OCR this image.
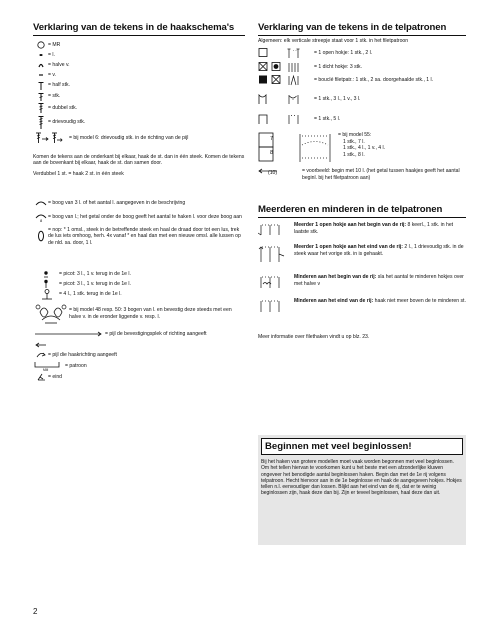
Verklaring van de tekens in de haakschema's
= MR
= l.
= halve v.
= v.
= half stk.
= stk.
= dubbel stk.
= drievoudig stk.
= bij model 6: drievoudig stk. in de richting van de pijl

Komen de tekens aan de onderkant bij elkaar, haak de st. dan in één steek. Komen de tekens aan de bovenkant bij elkaar, haak de st. dan samen door.

Verdubbel 1 st. = haak 2 st. in één steek

= boog van 3 l. of het aantal l. aangegeven in de beschrijving
8
= boog van l.; het getal onder de boog geeft het aantal te haken l. voor deze boog aan
= nop: * 1 omsl., steek in de betreffende steek en haal de draad door tot een lus, trek de lus iets omhoog, herh. 4x vanaf * en haal dan met een nieuwe omsl. alle lussen op de nld. sa. door, 1 l.
= picot: 3 l., 1 v. terug in de 1e l.
= picot: 3 l., 1 v. terug in de 1e l.
= 4 l., 1 stk. terug in de 1e l.
= bij model 48 resp. 50: 3 bogen van l. en bevestig deze steeds met een halve v. in de eronder liggende v. resp. l.
= pijl de bevestigingsplek of richting aangeeft
= pijl die haakrichting aangeeft
MM
= patroon
= eind
Verklaring van de tekens in de telpatronen

Algemeen: elk verticale streepje staat voor 1 stk. in het filetpatroon

= 1 open hokje: 1 stk., 2 l.
= 1 dicht hokje: 3 stk.
= bouclé filetpatr.: 1 stk., 2 sa. doorgehaalde stk., 1 l.
= 1 stk., 3 l., 1 v., 3 l.
= 1 stk., 5 l.
= bij model 55:
1 stk., 7 l.
1 stk., 4 l., 1 v., 4 l.
1 stk., 8 l.
7
8
(10)	= voorbeeld: begin met 10 l. (het getal tussen haakjes geeft het aantal beginl. bij het filetpatroon aan)
Meerderen en minderen in de telpatronen
Meerder 1 open hokje aan het begin van de rij: 8 keerl., 1 stk. in het laatste stk.
Meerder 1 open hokje aan het eind van de rij: 2 l., 1 drievoudig stk. in de steek waar het vorige stk. in is gehaakt.
Minderen aan het begin van de rij: sla het aantal te minderen hokjes over met halve v
Minderen aan het eind van de rij: haak niet meer boven de te minderen st.

Meer informatie over filethaken vindt u op blz. 23.

Beginnen met veel beginlossen!

Bij het haken van grotere modellen moet vaak worden begonnen met veel beginlossen. Om het tellen hiervan te voorkomen kunt u het beste met een afzonderlijke kluwen ongeveer het benodigde aantal beginlossen haken. Begin dan met de 1e rij volgens telpatroon. Hecht hiervoor aan in de 1e beginlosse en haak de aangegeven hokjes. Hokjes tellen n.l. eenvoudiger dan lossen. Blijkt aan het eind van de rij, dat er te weinig beginlossen zijn, haak deze dan bij. Zijn er teveel beginlossen, haal deze dan uit.

2
